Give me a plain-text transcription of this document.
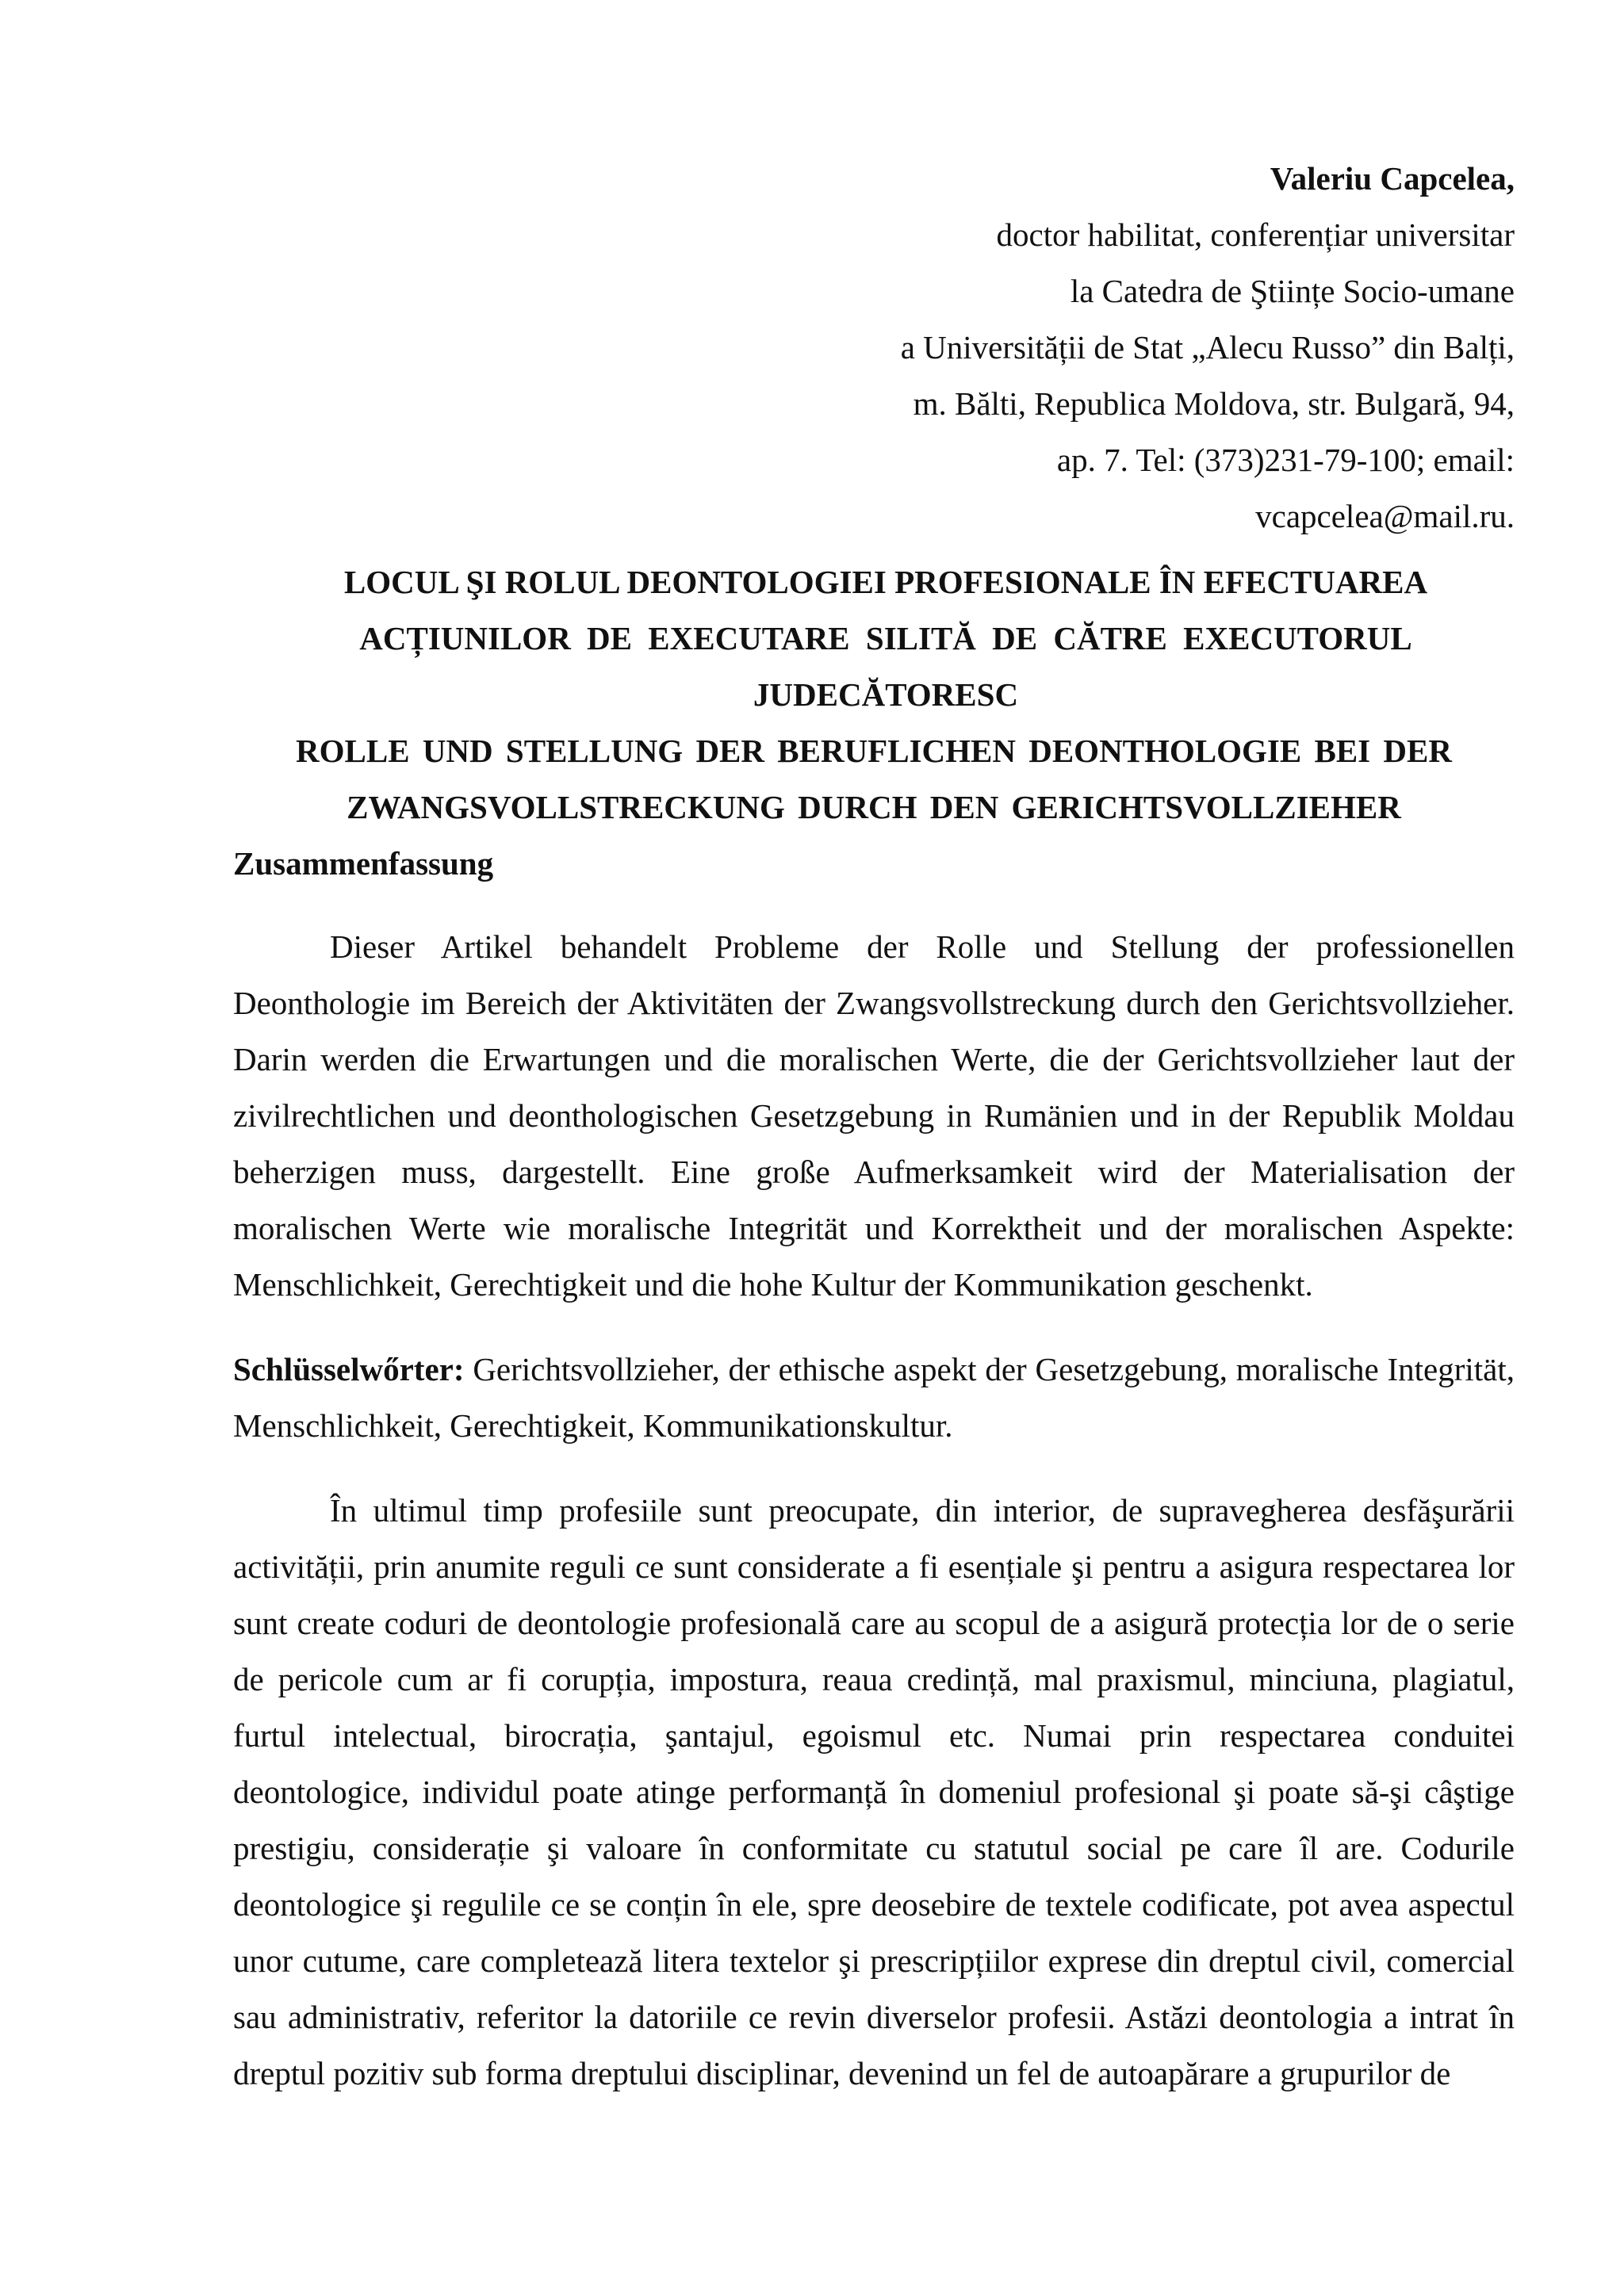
Valeriu Capcelea,
doctor habilitat, conferențiar universitar
la Catedra de Ştiințe Socio-umane
a Universității de Stat „Alecu Russo” din Balți,
m. Bălti, Republica Moldova, str. Bulgară, 94,
ap. 7. Tel: (373)231-79-100; email:
vcapcelea@mail.ru.
LOCUL ŞI ROLUL DEONTOLOGIEI PROFESIONALE ÎN EFECTUAREA
ACȚIUNILOR DE EXECUTARE SILITĂ DE CĂTRE EXECUTORUL
JUDECĂTORESC
ROLLE UND STELLUNG DER BERUFLICHEN DEONTHOLOGIE BEI DER
ZWANGSVOLLSTRECKUNG DURCH DEN GERICHTSVOLLZIEHER
Zusammenfassung

Dieser Artikel behandelt Probleme der Rolle und Stellung der professionellen Deonthologie im Bereich der Aktivitäten der Zwangsvollstreckung durch den Gerichtsvollzieher. Darin werden die Erwartungen und die moralischen Werte, die der Gerichtsvollzieher laut der zivilrechtlichen und deonthologischen Gesetzgebung in Rumänien und in der Republik Moldau beherzigen muss, dargestellt. Eine große Aufmerksamkeit wird der Materialisation der moralischen Werte wie moralische Integrität und Korrektheit und der moralischen Aspekte: Menschlichkeit, Gerechtigkeit und die hohe Kultur der Kommunikation geschenkt.

Schlüsselwőrter: Gerichtsvollzieher, der ethische aspekt der Gesetzgebung, moralische Integrität, Menschlichkeit, Gerechtigkeit, Kommunikationskultur.

În ultimul timp profesiile sunt preocupate, din interior, de supravegherea desfăşurării activității, prin anumite reguli ce sunt considerate a fi esențiale şi pentru a asigura respectarea lor sunt create coduri de deontologie profesională care au scopul de a asigură protecția lor de o serie de pericole cum ar fi corupția, impostura, reaua credință, mal praxismul, minciuna, plagiatul, furtul intelectual, birocrația, şantajul, egoismul etc. Numai prin respectarea conduitei deontologice, individul poate atinge performanță în domeniul profesional şi poate să-şi câştige prestigiu, considerație şi valoare în conformitate cu statutul social pe care îl are. Codurile deontologice şi regulile ce se conțin în ele, spre deosebire de textele codificate, pot avea aspectul unor cutume, care completează litera textelor şi prescripțiilor exprese din dreptul civil, comercial sau administrativ, referitor la datoriile ce revin diverselor profesii. Astăzi deontologia a intrat în dreptul pozitiv sub forma dreptului disciplinar, devenind un fel de autoapărare a grupurilor de
